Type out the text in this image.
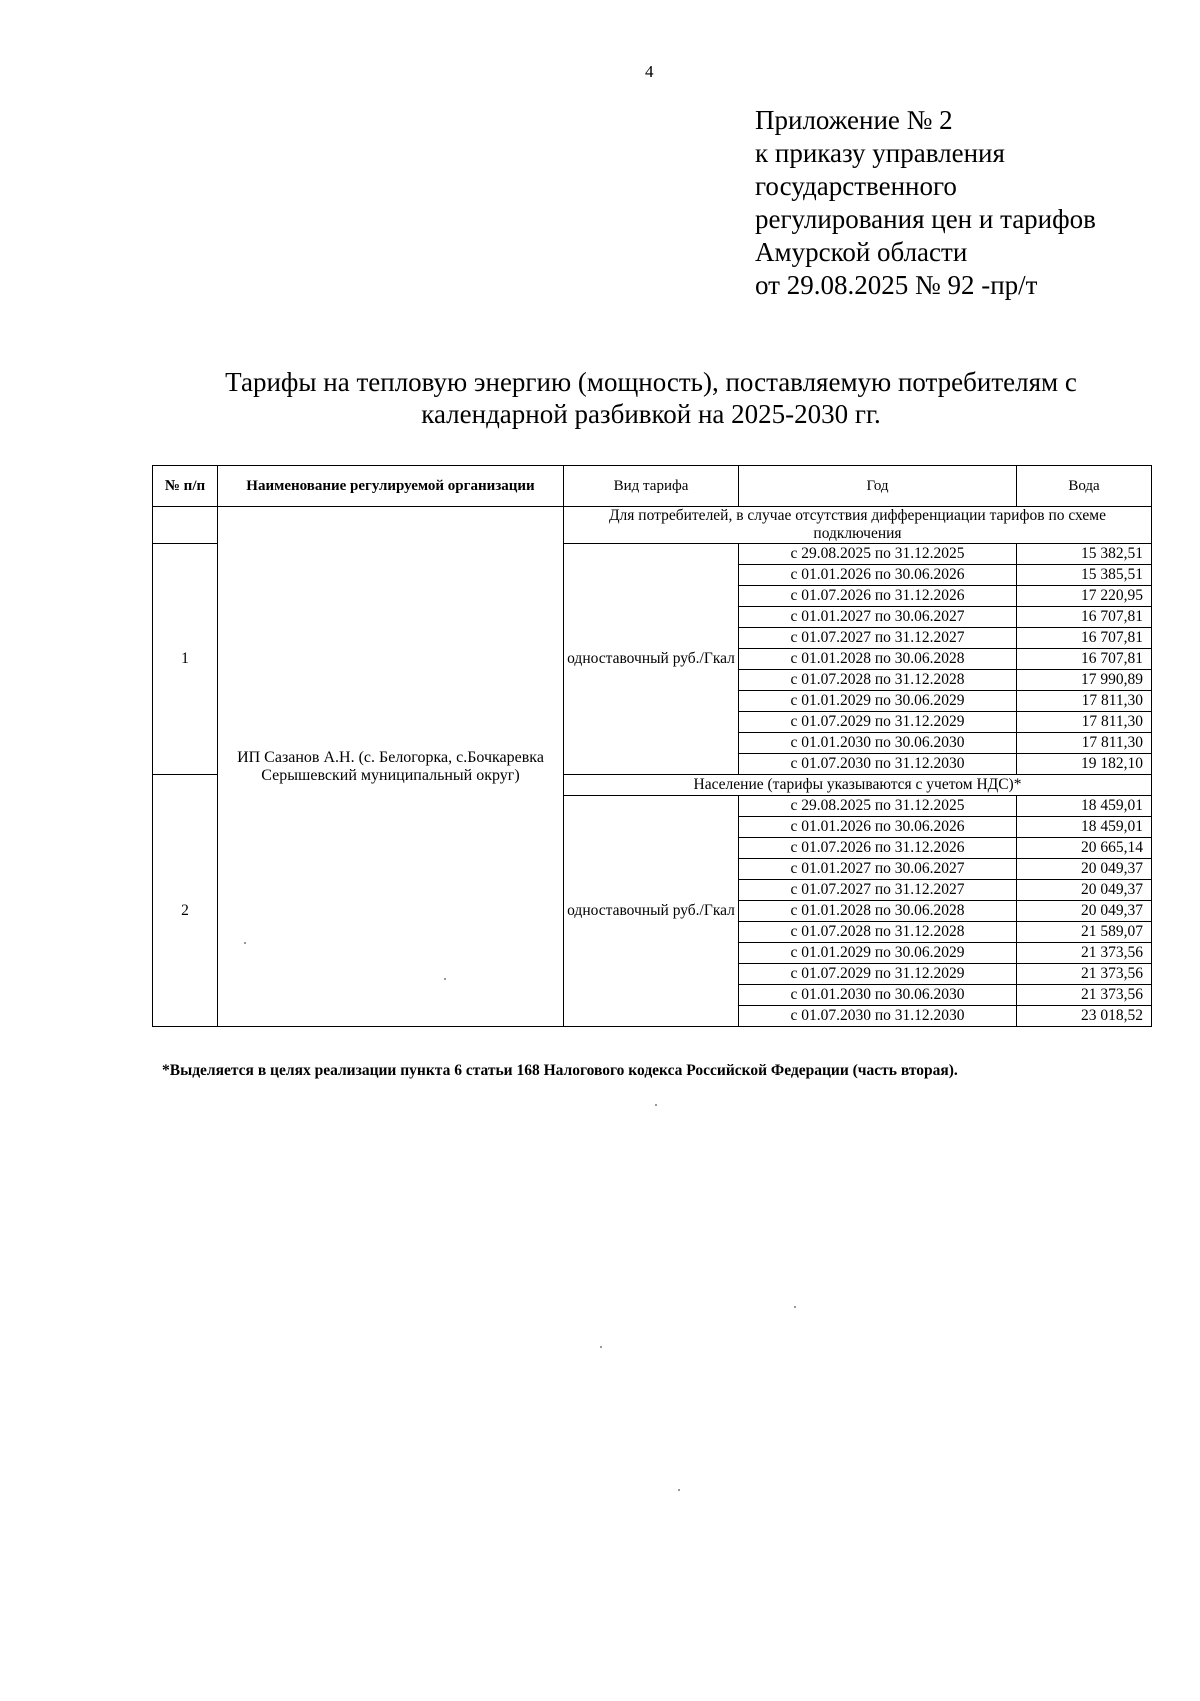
4
Приложение № 2
к приказу управления
государственного
регулирования цен и тарифов
Амурской области
от 29.08.2025 № 92 -пр/т
Тарифы на тепловую энергию (мощность), поставляемую потребителям с
календарной разбивкой на 2025-2030 гг.
№ п/п	Наименование регулируемой организации	Вид тарифа	Год	Вода
	ИП Сазанов А.Н. (с. Белогорка, с.Бочкаревка Серышевский муниципальный округ)	Для потребителей, в случае отсутствия дифференциации тарифов по схеме подключения		
1		одноставочный руб./Гкал	с 29.08.2025 по 31.12.2025	15 382,51
			с 01.01.2026 по 30.06.2026	15 385,51
			с 01.07.2026 по 31.12.2026	17 220,95
			с 01.01.2027 по 30.06.2027	16 707,81
			с 01.07.2027 по 31.12.2027	16 707,81
			с 01.01.2028 по 30.06.2028	16 707,81
			с 01.07.2028 по 31.12.2028	17 990,89
			с 01.01.2029 по 30.06.2029	17 811,30
			с 01.07.2029 по 31.12.2029	17 811,30
			с 01.01.2030 по 30.06.2030	17 811,30
			с 01.07.2030 по 31.12.2030	19 182,10
		Население (тарифы указываются с учетом НДС)*		
2		одноставочный руб./Гкал	с 29.08.2025 по 31.12.2025	18 459,01
			с 01.01.2026 по 30.06.2026	18 459,01
			с 01.07.2026 по 31.12.2026	20 665,14
			с 01.01.2027 по 30.06.2027	20 049,37
			с 01.07.2027 по 31.12.2027	20 049,37
			с 01.01.2028 по 30.06.2028	20 049,37
			с 01.07.2028 по 31.12.2028	21 589,07
			с 01.01.2029 по 30.06.2029	21 373,56
			с 01.07.2029 по 31.12.2029	21 373,56
			с 01.01.2030 по 30.06.2030	21 373,56
			с 01.07.2030 по 31.12.2030	23 018,52
*Выделяется в целях реализации пункта 6 статьи 168 Налогового кодекса Российской Федерации (часть вторая).
